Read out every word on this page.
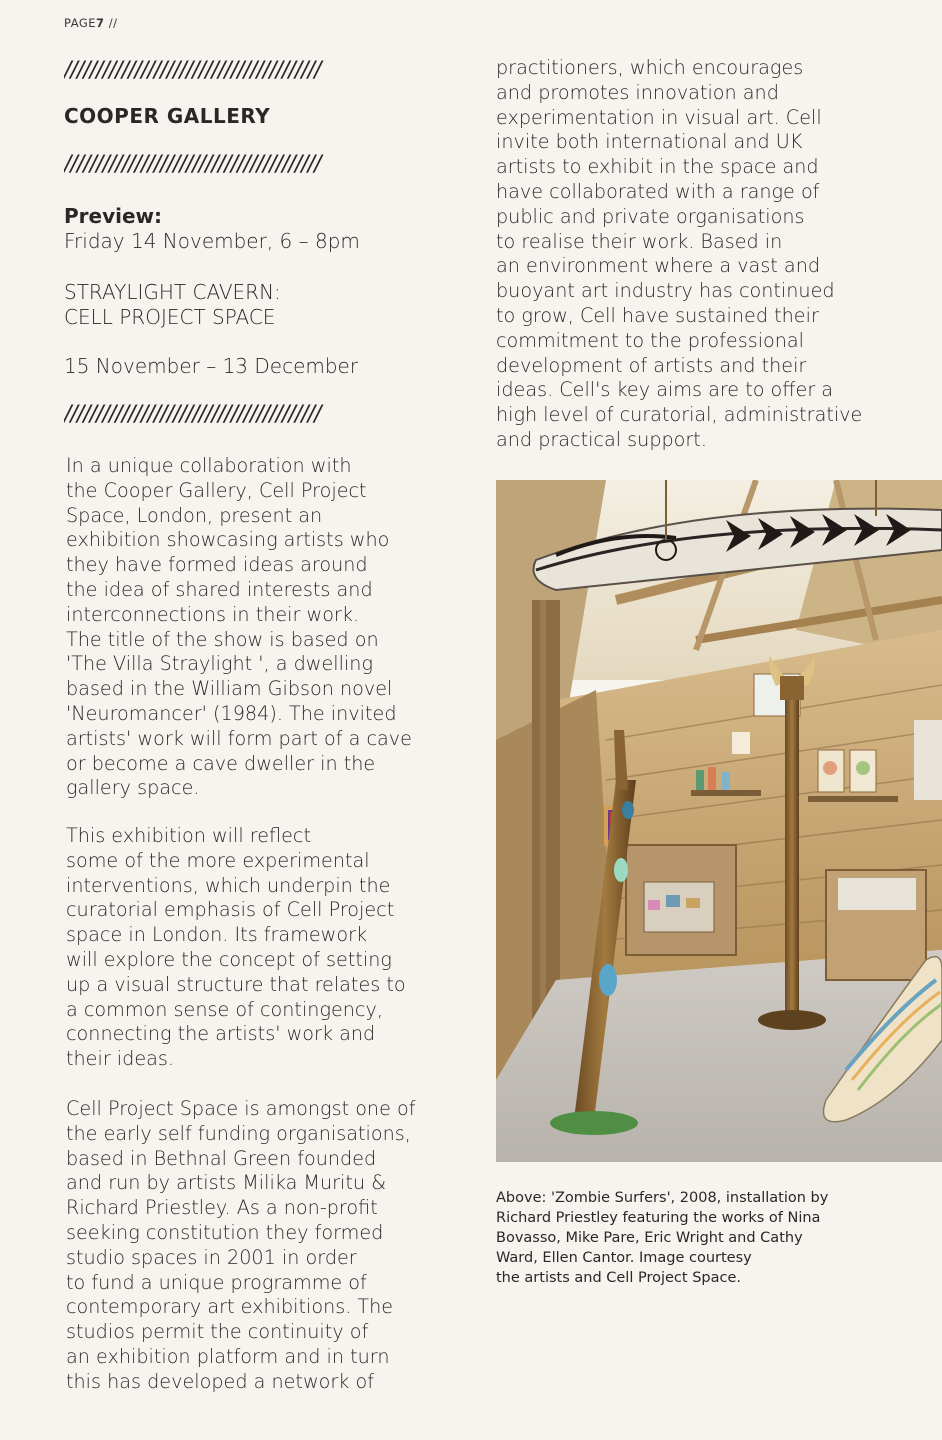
PAGE7 //
////////////////////////////////////////
COOPER GALLERY
////////////////////////////////////////
Preview:
Friday 14 November, 6 – 8pm
STRAYLIGHT CAVERN:
CELL PROJECT SPACE
15 November – 13 December
////////////////////////////////////////
In a unique collaboration with
the Cooper Gallery, Cell Project
Space, London, present an
exhibition showcasing artists who
they have formed ideas around
the idea of shared interests and
interconnections in their work.
The title of the show is based on
'The Villa Straylight ', a dwelling
based in the William Gibson novel
'Neuromancer' (1984). The invited
artists' work will form part of a cave
or become a cave dweller in the
gallery space.
This exhibition will reflect
some of the more experimental
interventions, which underpin the
curatorial emphasis of Cell Project
space in London. Its framework
will explore the concept of setting
up a visual structure that relates to
a common sense of contingency,
connecting the artists' work and
their ideas.
Cell Project Space is amongst one of
the early self funding organisations,
based in Bethnal Green founded
and run by artists Milika Muritu &
Richard Priestley. As a non-profit
seeking constitution they formed
studio spaces in 2001 in order
to fund a unique programme of
contemporary art exhibitions. The
studios permit the continuity of
an exhibition platform and in turn
this has developed a network of
practitioners, which encourages
and promotes innovation and
experimentation in visual art. Cell
invite both international and UK
artists to exhibit in the space and
have collaborated with a range of
public and private organisations
to realise their work. Based in
an environment where a vast and
buoyant art industry has continued
to grow, Cell have sustained their
commitment to the professional
development of artists and their
ideas. Cell's key aims are to offer a
high level of curatorial, administrative
and practical support.
Above: 'Zombie Surfers', 2008, installation by
Richard Priestley featuring the works of Nina
Bovasso, Mike Pare, Eric Wright and Cathy
Ward, Ellen Cantor. Image courtesy
the artists and Cell Project Space.
